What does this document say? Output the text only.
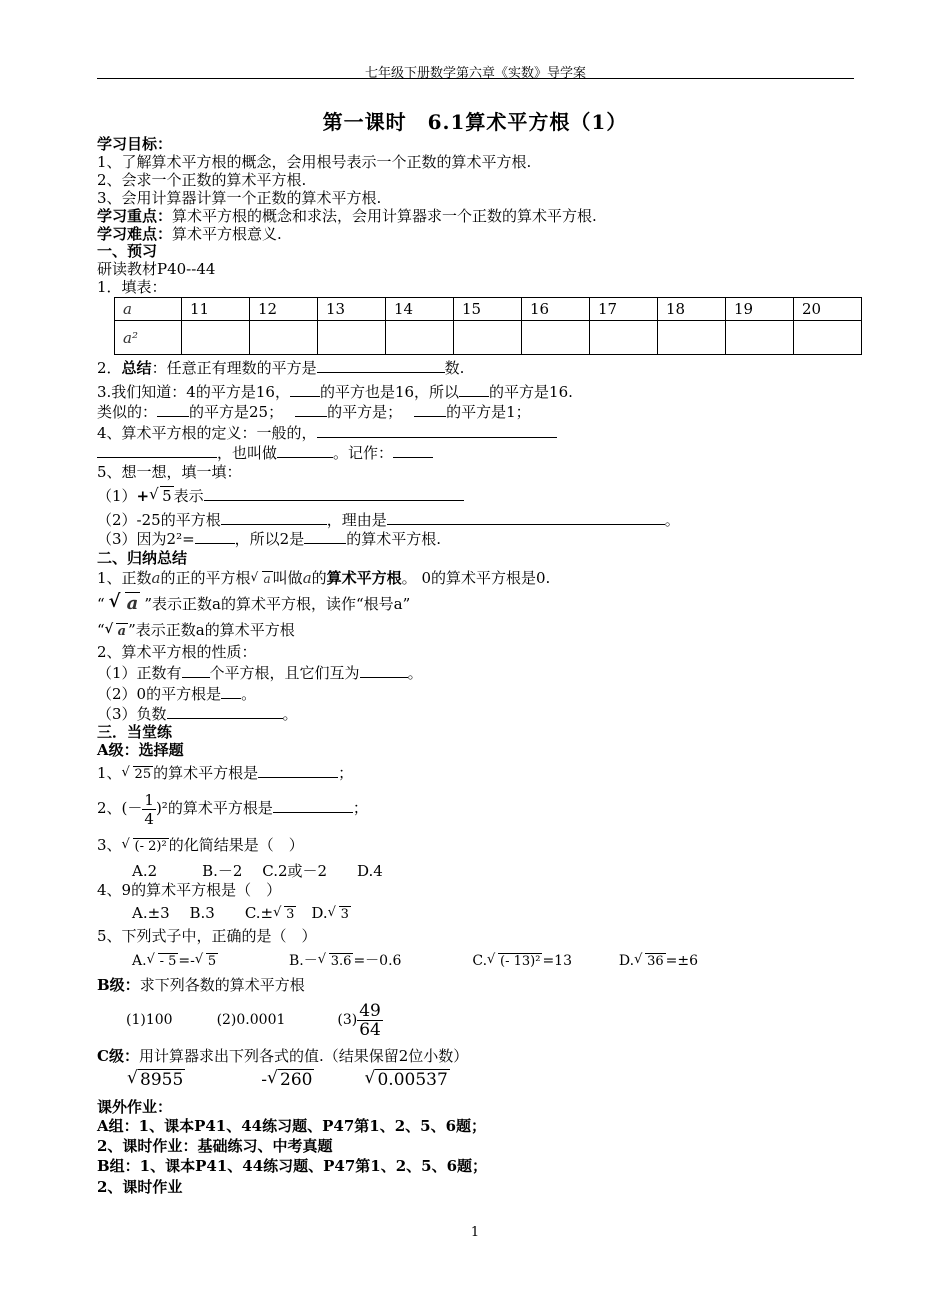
七年级下册数学第六章《实数》导学案
第一课时　6.1算术平方根（1）
学习目标：
1、了解算术平方根的概念，会用根号表示一个正数的算术平方根.
2、会求一个正数的算术平方根.
3、会用计算器计算一个正数的算术平方根.
学习重点：算术平方根的概念和求法，会用计算器求一个正数的算术平方根.
学习难点：算术平方根意义.
一、预习
研读教材P40--44
1．填表：
a	11	12	13	14	15	16	17	18	19	20
a²										
2．总结：任意正有理数的平方是	数.
3.我们知道：4的平方是16， 的平方也是16，所以 的平方是16.
类似的： 的平方是25；	的平方是；	的平方是1；
4、算术平方根的定义：一般的，
，也叫做	。记作：
5、想一想，填一填：
（1）+ √ 5 表示
（2）-25的平方根	，理由是	。
（3）因为2²=	，所以2是	的算术平方根.
二、归纳总结
1、正数a的正的平方根 √ a 叫做a的算术平方根。 0的算术平方根是0.
“ √ a ”表示正数a的算术平方根，读作“根号a”
“ √ a ”表示正数a的算术平方根
2、算术平方根的性质：
（1）正数有 个平方根，且它们互为	。
（2）0的平方根是 。
（3）负数	。
三．当堂练
A级：选择题
1、 √ 25 的算术平方根是	；
2、(－ $\frac{1}{4} )^2$的算术平方根是	；
3、 √ (- 2)² 的化简结果是（　）
A.2　　　B.－2　 C.2或－2　　D.4
4、9的算术平方根是（　）
A.±3　 B.3　　C.± √ 3　D. √ 3
5、下列式子中，正确的是（　）
A. √ - 5 =- √ 5	B.－ √ 3.6 =－0.6	C. √ (- 13)² =13	D. √ 36 =±6
B级：求下列各数的算术平方根
(1)100	(2)0.0001	$(3) \frac{49}{64}$
C级：用计算器求出下列各式的值.（结果保留2位小数）
√ 8955	- √ 260	√ 0.00537
课外作业：
A组：1、课本P41、44练习题、P47第1、2、5、6题；
2、课时作业：基础练习、中考真题
B组：1、课本P41、44练习题、P47第1、2、5、6题；
2、课时作业
1
